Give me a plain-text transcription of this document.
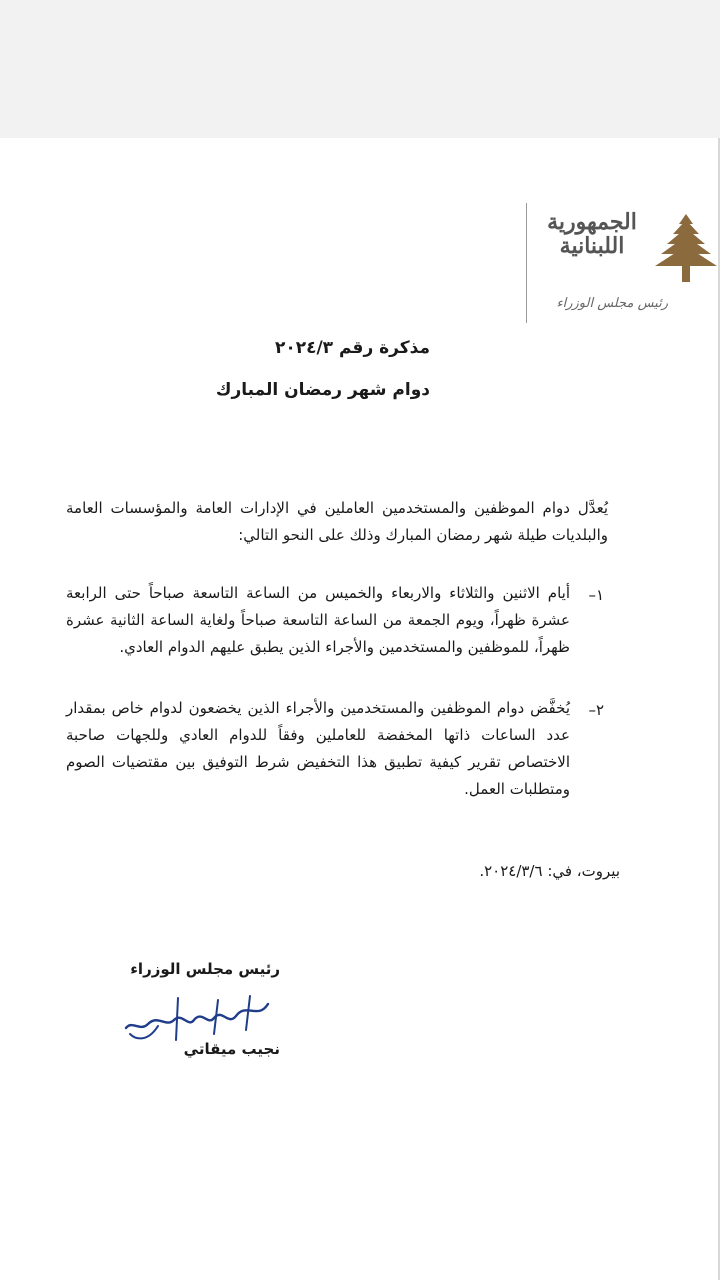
الجمهورية اللبنانية
رئيس مجلس الوزراء
مذكرة رقم ٢٠٢٤/٣
دوام شهر رمضان المبارك
يُعدَّل دوام الموظفين والمستخدمين العاملين في الإدارات العامة والمؤسسات العامة والبلديات طيلة شهر رمضان المبارك وذلك على النحو التالي:
١–
أيام الاثنين والثلاثاء والاربعاء والخميس من الساعة التاسعة صباحاً حتى الرابعة عشرة ظهراً، ويوم الجمعة من الساعة التاسعة صباحاً ولغاية الساعة الثانية عشرة ظهراً، للموظفين والمستخدمين والأجراء الذين يطبق عليهم الدوام العادي.
٢–
يُخفَّض دوام الموظفين والمستخدمين والأجراء الذين يخضعون لدوام خاص بمقدار عدد الساعات ذاتها المخفضة للعاملين وفقاً للدوام العادي وللجهات صاحبة الاختصاص تقرير كيفية تطبيق هذا التخفيض شرط التوفيق بين مقتضيات الصوم ومتطلبات العمل.
بيروت، في: ٢٠٢٤/٣/٦.
رئيس مجلس الوزراء
نجيب ميقاتي
